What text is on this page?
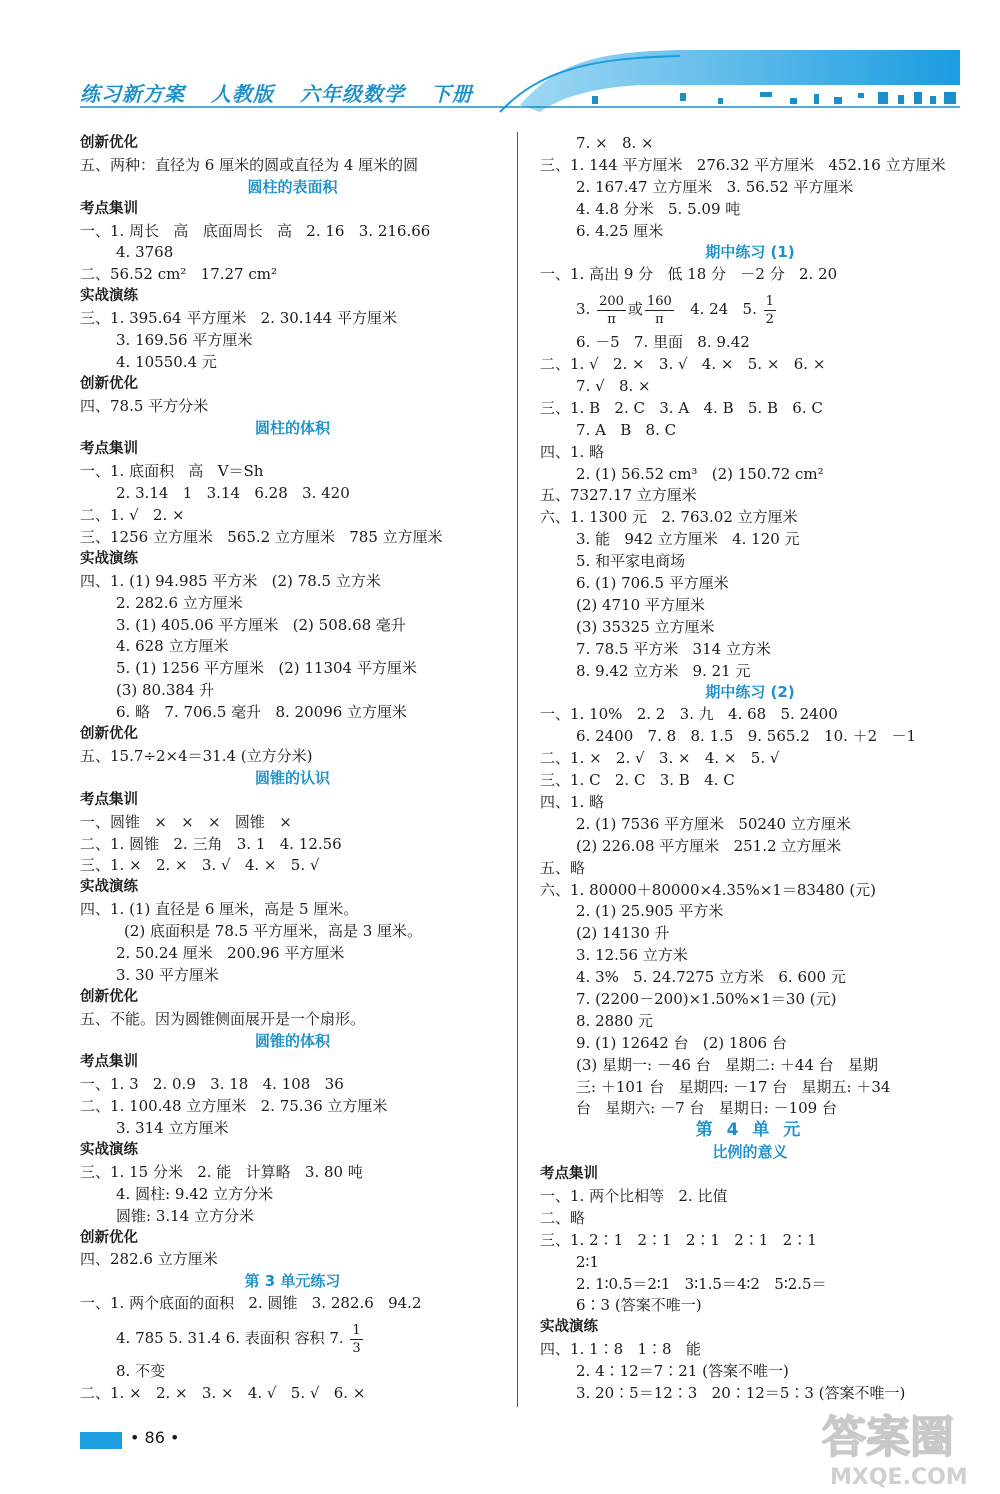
练习新方案 人教版 六年级数学 下册
创新优化
五、两种：直径为 6 厘米的圆或直径为 4 厘米的圆
圆柱的表面积
考点集训
一、1. 周长   高   底面周长   高   2. 16   3. 216.66
4. 3768
二、56.52 cm²   17.27 cm²
实战演练
三、1. 395.64 平方厘米   2. 30.144 平方厘米
3. 169.56 平方厘米
4. 10550.4 元
创新优化
四、78.5 平方分米
圆柱的体积
考点集训
一、1. 底面积   高   V＝Sh
2. 3.14   1   3.14   6.28   3. 420
二、1. √   2. ×
三、1256 立方厘米   565.2 立方厘米   785 立方厘米
实战演练
四、1. (1) 94.985 平方米   (2) 78.5 立方米
2. 282.6 立方厘米
3. (1) 405.06 平方厘米   (2) 508.68 毫升
4. 628 立方厘米
5. (1) 1256 平方厘米   (2) 11304 平方厘米
(3) 80.384 升
6. 略   7. 706.5 毫升   8. 20096 立方厘米
创新优化
五、15.7÷2×4＝31.4 (立方分米)
圆锥的认识
考点集训
一、圆锥   ×   ×   ×   圆锥   ×
二、1. 圆锥   2. 三角   3. 1   4. 12.56
三、1. ×   2. ×   3. √   4. ×   5. √
实战演练
四、1. (1) 直径是 6 厘米，高是 5 厘米。
(2) 底面积是 78.5 平方厘米，高是 3 厘米。
2. 50.24 厘米   200.96 平方厘米
3. 30 平方厘米
创新优化
五、不能。因为圆锥侧面展开是一个扇形。
圆锥的体积
考点集训
一、1. 3   2. 0.9   3. 18   4. 108   36
二、1. 100.48 立方厘米   2. 75.36 立方厘米
3. 314 立方厘米
实战演练
三、1. 15 分米   2. 能   计算略   3. 80 吨
4. 圆柱: 9.42 立方分米
圆锥: 3.14 立方分米
创新优化
四、282.6 立方厘米
第 3 单元练习
一、1. 两个底面的面积   2. 圆锥   3. 282.6   94.2
4. 785 5. 31.4 6. 表面积 容积 7. $\frac{1}{3}$
8. 不变
二、1. ×   2. ×   3. ×   4. √   5. √   6. ×
7. ×   8. ×
三、1. 144 平方厘米   276.32 平方厘米   452.16 立方厘米
2. 167.47 立方厘米   3. 56.52 平方厘米
4. 4.8 分米   5. 5.09 吨
6. 4.25 厘米
期中练习 (1)
一、1. 高出 9 分   低 18 分   －2 分   2. 20
3. $\frac{200}{\pi}$ 或 $\frac{160}{\pi} 4$. 24   5. $\frac{1}{2}$
6. －5   7. 里面   8. 9.42
二、1. √   2. ×   3. √   4. ×   5. ×   6. ×
7. √   8. ×
三、1. B   2. C   3. A   4. B   5. B   6. C
7. A   B   8. C
四、1. 略
2. (1) 56.52 cm³   (2) 150.72 cm²
五、7327.17 立方厘米
六、1. 1300 元   2. 763.02 立方厘米
3. 能   942 立方厘米   4. 120 元
5. 和平家电商场
6. (1) 706.5 平方厘米
(2) 4710 平方厘米
(3) 35325 立方厘米
7. 78.5 平方米   314 立方米
8. 9.42 立方米   9. 21 元
期中练习 (2)
一、1. 10%   2. 2   3. 九   4. 68   5. 2400
6. 2400   7. 8   8. 1.5   9. 565.2   10. ＋2   －1
二、1. ×   2. √   3. ×   4. ×   5. √
三、1. C   2. C   3. B   4. C
四、1. 略
2. (1) 7536 平方厘米   50240 立方厘米
(2) 226.08 平方厘米   251.2 立方厘米
五、略
六、1. 80000＋80000×4.35%×1＝83480 (元)
2. (1) 25.905 平方米
(2) 14130 升
3. 12.56 立方米
4. 3%   5. 24.7275 立方米   6. 600 元
7. (2200－200)×1.50%×1＝30 (元)
8. 2880 元
9. (1) 12642 台   (2) 1806 台
(3) 星期一: －46 台   星期二: ＋44 台   星期
三: ＋101 台   星期四: －17 台   星期五: ＋34
台   星期六: －7 台   星期日: －109 台
第 4 单 元
比例的意义
考点集训
一、1. 两个比相等   2. 比值
二、略
三、1. 2∶1   2∶1   2∶1   2∶1   2∶1
2∶1
2. 1∶0.5＝2∶1   3∶1.5＝4∶2   5∶2.5＝
6∶3 (答案不唯一)
实战演练
四、1. 1∶8   1∶8   能
2. 4∶12＝7∶21 (答案不唯一)
3. 20∶5＝12∶3   20∶12＝5∶3 (答案不唯一)
• 86 •	答案圈
MXQE.COM
